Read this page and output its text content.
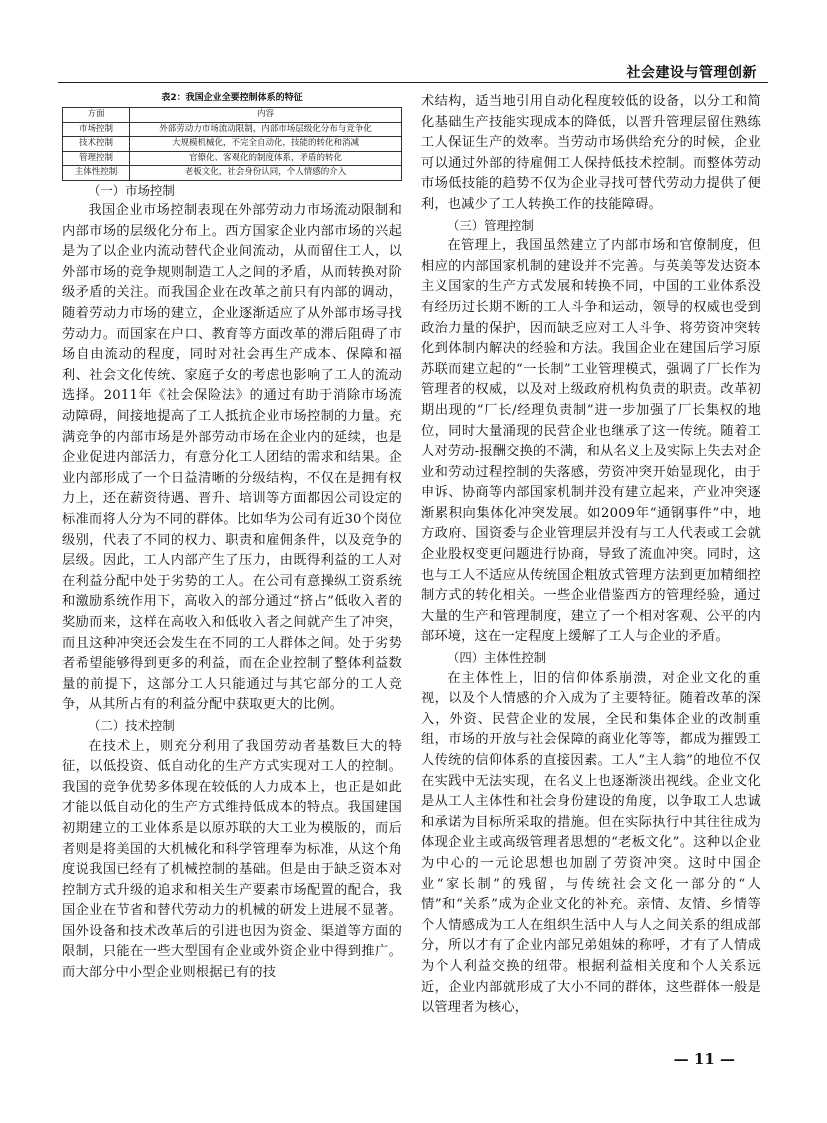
社会建设与管理创新
表2：我国企业全要控制体系的特征
方面	内容
市场控制	外部劳动力市场流动限制，内部市场层级化分布与竞争化
技术控制	大规模机械化，不完全自动化，技能的转化和消减
管理控制	官僚化、客观化的制度体系，矛盾的转化
主体性控制	老板文化，社会身份认同，个人情感的介入
（一）市场控制

我国企业市场控制表现在外部劳动力市场流动限制和内部市场的层级化分布上。西方国家企业内部市场的兴起是为了以企业内流动替代企业间流动，从而留住工人，以外部市场的竞争规则制造工人之间的矛盾，从而转换对阶级矛盾的关注。而我国企业在改革之前只有内部的调动，随着劳动力市场的建立，企业逐渐适应了从外部市场寻找劳动力。而国家在户口、教育等方面改革的滞后阻碍了市场自由流动的程度，同时对社会再生产成本、保障和福利、社会文化传统、家庭子女的考虑也影响了工人的流动选择。2011年《社会保险法》的通过有助于消除市场流动障碍，间接地提高了工人抵抗企业市场控制的力量。充满竞争的内部市场是外部劳动市场在企业内的延续，也是企业促进内部活力，有意分化工人团结的需求和结果。企业内部形成了一个日益清晰的分级结构，不仅在是拥有权力上，还在薪资待遇、晋升、培训等方面都因公司设定的标准而将人分为不同的群体。比如华为公司有近30个岗位级别，代表了不同的权力、职责和雇佣条件，以及竞争的层级。因此，工人内部产生了压力，由既得利益的工人对在利益分配中处于劣势的工人。在公司有意操纵工资系统和激励系统作用下，高收入的部分通过“挤占”低收入者的奖励而来，这样在高收入和低收入者之间就产生了冲突，而且这种冲突还会发生在不同的工人群体之间。处于劣势者希望能够得到更多的利益，而在企业控制了整体利益数量的前提下，这部分工人只能通过与其它部分的工人竞争，从其所占有的利益分配中获取更大的比例。

（二）技术控制

在技术上，则充分利用了我国劳动者基数巨大的特征，以低投资、低自动化的生产方式实现对工人的控制。我国的竞争优势多体现在较低的人力成本上，也正是如此才能以低自动化的生产方式维持低成本的特点。我国建国初期建立的工业体系是以原苏联的大工业为模版的，而后者则是将美国的大机械化和科学管理奉为标准，从这个角度说我国已经有了机械控制的基础。但是由于缺乏资本对控制方式升级的追求和相关生产要素市场配置的配合，我国企业在节省和替代劳动力的机械的研发上进展不显著。国外设备和技术改革后的引进也因为资金、渠道等方面的限制，只能在一些大型国有企业或外资企业中得到推广。而大部分中小型企业则根据已有的技

术结构，适当地引用自动化程度较低的设备，以分工和简化基础生产技能实现成本的降低，以晋升管理层留住熟练工人保证生产的效率。当劳动市场供给充分的时候，企业可以通过外部的待雇佣工人保持低技术控制。而整体劳动市场低技能的趋势不仅为企业寻找可替代劳动力提供了便利，也减少了工人转换工作的技能障碍。

（三）管理控制

在管理上，我国虽然建立了内部市场和官僚制度，但相应的内部国家机制的建设并不完善。与英美等发达资本主义国家的生产方式发展和转换不同，中国的工业体系没有经历过长期不断的工人斗争和运动，领导的权威也受到政治力量的保护，因而缺乏应对工人斗争、将劳资冲突转化到体制内解决的经验和方法。我国企业在建国后学习原苏联而建立起的“一长制”工业管理模式，强调了厂长作为管理者的权威，以及对上级政府机构负责的职责。改革初期出现的“厂长/经理负责制”进一步加强了厂长集权的地位，同时大量涌现的民营企业也继承了这一传统。随着工人对劳动-报酬交换的不满，和从名义上及实际上失去对企业和劳动过程控制的失落感，劳资冲突开始显现化，由于申诉、协商等内部国家机制并没有建立起来，产业冲突逐渐累积向集体化冲突发展。如2009年“通钢事件”中，地方政府、国资委与企业管理层并没有与工人代表或工会就企业股权变更问题进行协商，导致了流血冲突。同时，这也与工人不适应从传统国企粗放式管理方法到更加精细控制方式的转化相关。一些企业借鉴西方的管理经验，通过大量的生产和管理制度，建立了一个相对客观、公平的内部环境，这在一定程度上缓解了工人与企业的矛盾。

（四）主体性控制

在主体性上，旧的信仰体系崩溃，对企业文化的重视，以及个人情感的介入成为了主要特征。随着改革的深入，外资、民营企业的发展，全民和集体企业的改制重组，市场的开放与社会保障的商业化等等，都成为摧毁工人传统的信仰体系的直接因素。工人“主人翁”的地位不仅在实践中无法实现，在名义上也逐渐淡出视线。企业文化是从工人主体性和社会身份建设的角度，以争取工人忠诚和承诺为目标所采取的措施。但在实际执行中其往往成为体现企业主或高级管理者思想的“老板文化”。这种以企业为中心的一元论思想也加剧了劳资冲突。这时中国企业“家长制”的残留，与传统社会文化一部分的“人情”和“关系”成为企业文化的补充。亲情、友情、乡情等个人情感成为工人在组织生活中人与人之间关系的组成部分，所以才有了企业内部兄弟姐妹的称呼，才有了人情成为个人利益交换的纽带。根据利益相关度和个人关系远近，企业内部就形成了大小不同的群体，这些群体一般是以管理者为核心，

— 11 —
